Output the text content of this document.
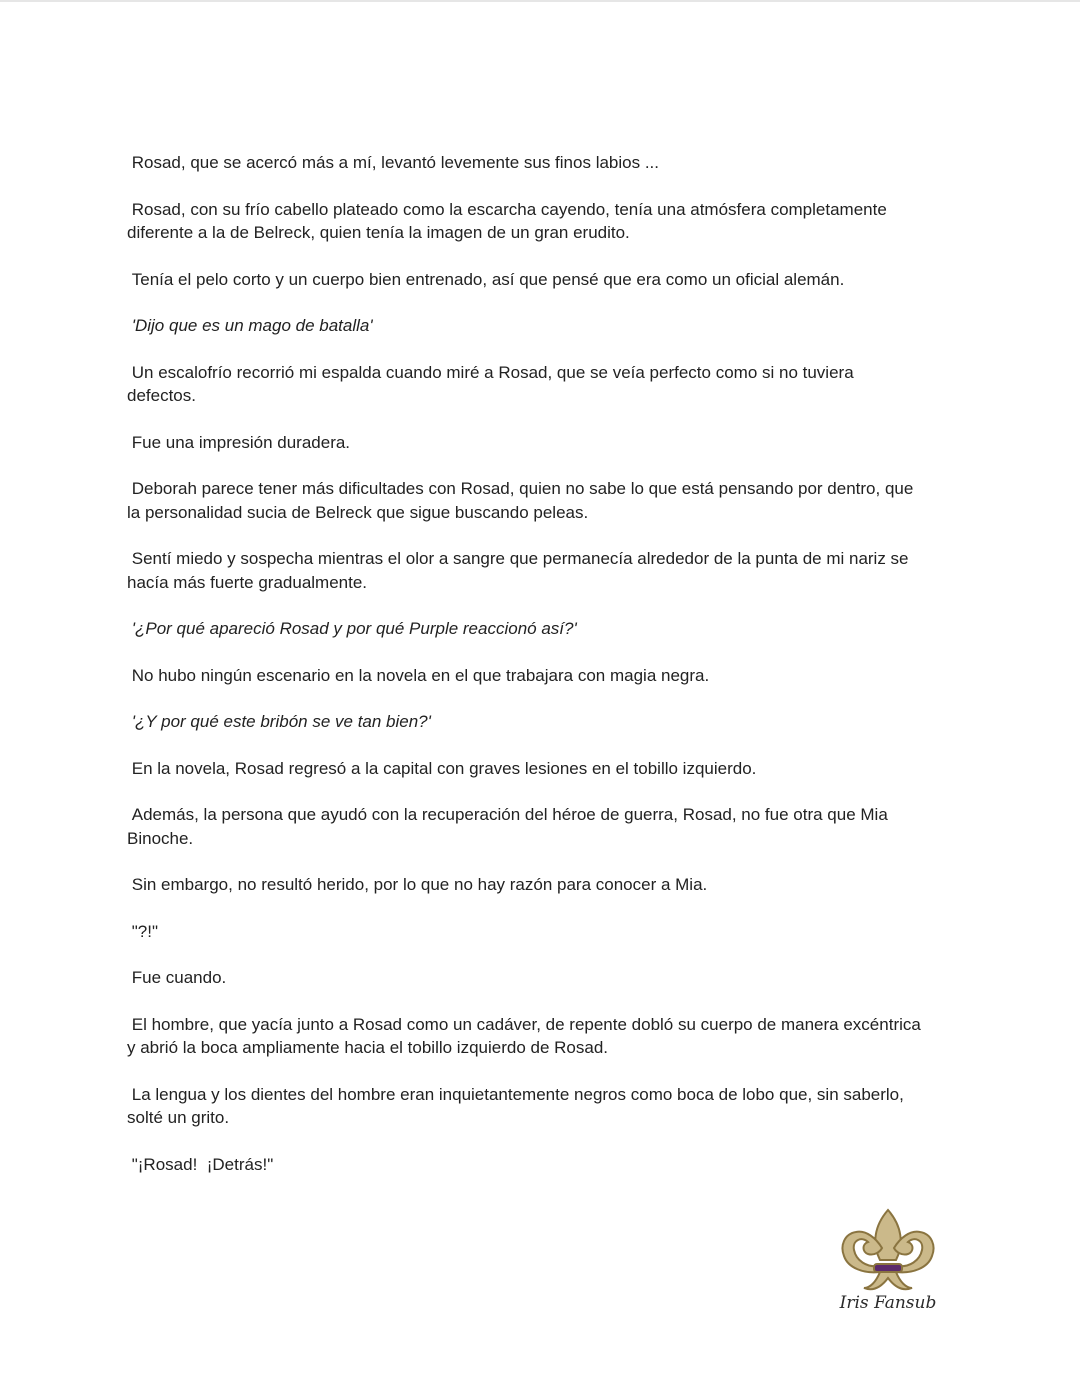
Rosad, que se acercó más a mí, levantó levemente sus finos labios ...

Rosad, con su frío cabello plateado como la escarcha cayendo, tenía una atmósfera completamente
diferente a la de Belreck, quien tenía la imagen de un gran erudito.

Tenía el pelo corto y un cuerpo bien entrenado, así que pensé que era como un oficial alemán.

'Dijo que es un mago de batalla'

Un escalofrío recorrió mi espalda cuando miré a Rosad, que se veía perfecto como si no tuviera
defectos.

Fue una impresión duradera.

Deborah parece tener más dificultades con Rosad, quien no sabe lo que está pensando por dentro, que
la personalidad sucia de Belreck que sigue buscando peleas.

Sentí miedo y sospecha mientras el olor a sangre que permanecía alrededor de la punta de mi nariz se
hacía más fuerte gradualmente.

'¿Por qué apareció Rosad y por qué Purple reaccionó así?'

No hubo ningún escenario en la novela en el que trabajara con magia negra.

'¿Y por qué este bribón se ve tan bien?'

En la novela, Rosad regresó a la capital con graves lesiones en el tobillo izquierdo.

Además, la persona que ayudó con la recuperación del héroe de guerra, Rosad, no fue otra que Mia
Binoche.

Sin embargo, no resultó herido, por lo que no hay razón para conocer a Mia.

"?!"

Fue cuando.

El hombre, que yacía junto a Rosad como un cadáver, de repente dobló su cuerpo de manera excéntrica
y abrió la boca ampliamente hacia el tobillo izquierdo de Rosad.

La lengua y los dientes del hombre eran inquietantemente negros como boca de lobo que, sin saberlo,
solté un grito.

"¡Rosad!  ¡Detrás!"

Iris Fansub
